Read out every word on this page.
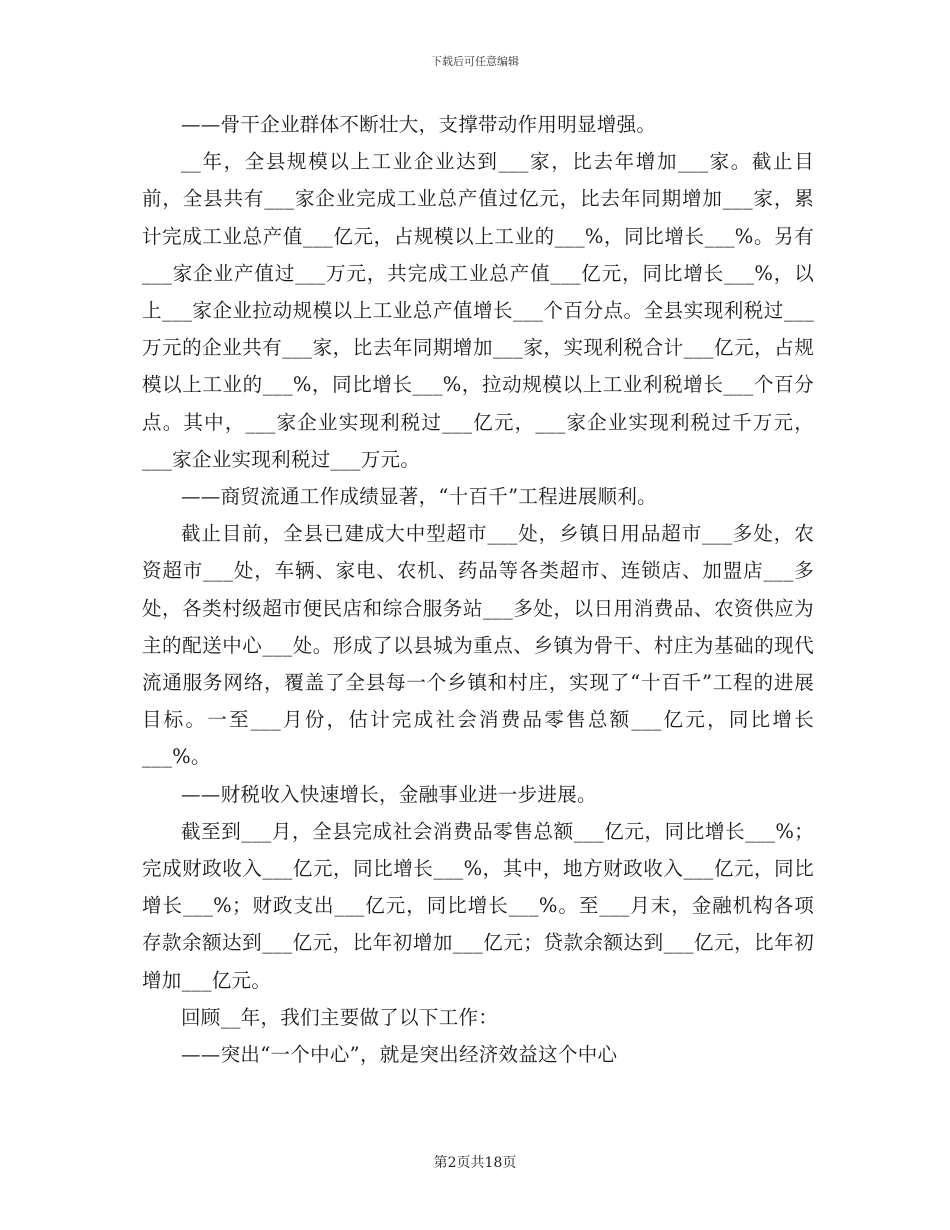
下载后可任意编辑

——骨干企业群体不断壮大，支撑带动作用明显增强。

__年，全县规模以上工业企业达到___家，比去年增加___家。截止目前，全县共有___家企业完成工业总产值过亿元，比去年同期增加___家，累计完成工业总产值___亿元，占规模以上工业的___%，同比增长___%。另有___家企业产值过___万元，共完成工业总产值___亿元，同比增长___%，以上___家企业拉动规模以上工业总产值增长___个百分点。全县实现利税过___万元的企业共有___家，比去年同期增加___家，实现利税合计___亿元，占规模以上工业的___%，同比增长___%，拉动规模以上工业利税增长___个百分点。其中，___家企业实现利税过___亿元，___家企业实现利税过千万元，___家企业实现利税过___万元。

——商贸流通工作成绩显著，“十百千”工程进展顺利。

截止目前，全县已建成大中型超市___处，乡镇日用品超市___多处，农资超市___处，车辆、家电、农机、药品等各类超市、连锁店、加盟店___多处，各类村级超市便民店和综合服务站___多处，以日用消费品、农资供应为主的配送中心___处。形成了以县城为重点、乡镇为骨干、村庄为基础的现代流通服务网络，覆盖了全县每一个乡镇和村庄，实现了“十百千”工程的进展目标。一至___月份，估计完成社会消费品零售总额___亿元，同比增长___%。

——财税收入快速增长，金融事业进一步进展。

截至到___月，全县完成社会消费品零售总额___亿元，同比增长___%；完成财政收入___亿元，同比增长___%，其中，地方财政收入___亿元，同比增长___%；财政支出___亿元，同比增长___%。至___月末，金融机构各项存款余额达到___亿元，比年初增加___亿元；贷款余额达到___亿元，比年初增加___亿元。

回顾__年，我们主要做了以下工作：

——突出“一个中心”，就是突出经济效益这个中心

第2页共18页
